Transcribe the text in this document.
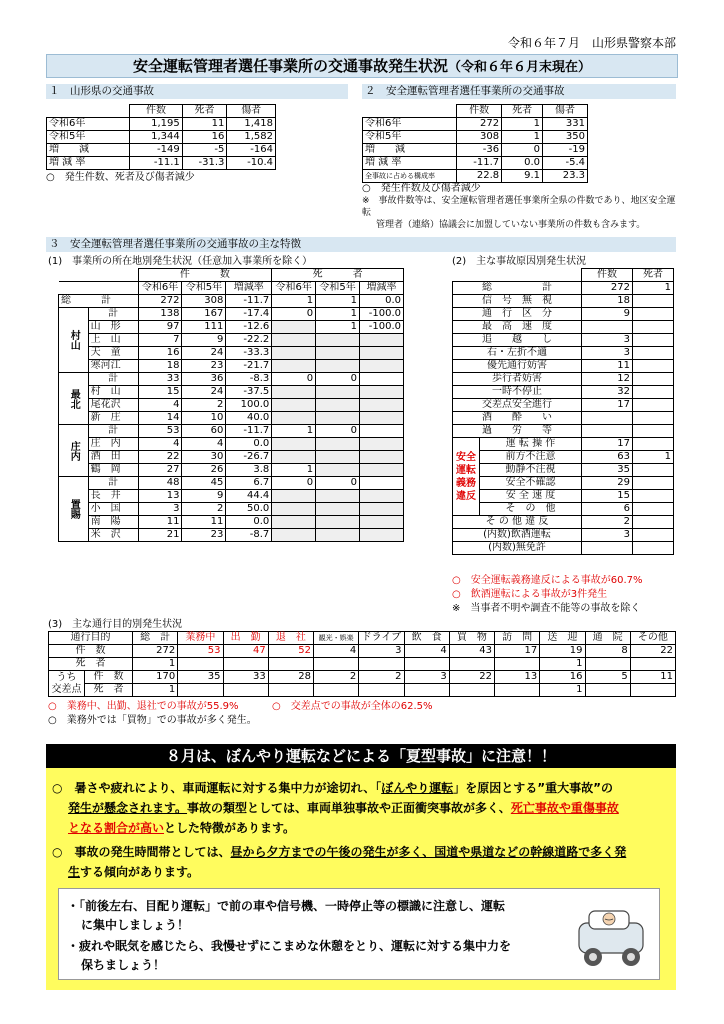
令和６年７月　山形県警察本部
安全運転管理者選任事業所の交通事故発生状況（令和６年６月末現在）
１　山形県の交通事故
	件数	死者	傷者
令和6年	1,195	11	1,418
令和5年	1,344	16	1,582
増　　減	-149	-5	-164
増 減 率	-11.1	-31.3	-10.4
○　発生件数、死者及び傷者減少
２　安全運転管理者選任事業所の交通事故
	件数	死者	傷者
令和6年	272	1	331
令和5年	308	1	350
増　　減	-36	0	-19
増 減 率	-11.7	0.0	-5.4
全事故に占める構成率	22.8	9.1	23.3
○　発生件数及び傷者減少
※　事故件数等は、安全運転管理者選任事業所全県の件数であり、地区安全運転
管理者（連絡）協議会に加盟していない事業所の件数も含みます。
３　安全運転管理者選任事業所の交通事故の主な特徴
(1)　事業所の所在地別発生状況（任意加入事業所を除く）
		件　　　数			死　　　者		
		令和6年	令和5年	増減率	令和6年	令和5年	増減率
総　　　計		272	308	-11.7	1	1	0.0
村山	計	138	167	-17.4	0	1	-100.0
	山　形	97	111	-12.6		1	-100.0
	上　山	7	9	-22.2			
	天　童	16	24	-33.3			
	寒河江	18	23	-21.7			
最北	計	33	36	-8.3	0	0	
	村　山	15	24	-37.5			
	尾花沢	4	2	100.0			
	新　庄	14	10	40.0			
庄内	計	53	60	-11.7	1	0	
	庄　内	4	4	0.0			
	酒　田	22	30	-26.7			
	鶴　岡	27	26	3.8	1		
置賜	計	48	45	6.7	0	0	
	長　井	13	9	44.4			
	小　国	3	2	50.0			
	南　陽	11	11	0.0			
	米　沢	21	23	-8.7			
(2)　主な事故原因別発生状況
		件数	死者
総　　　　　計		272	1
信　号　無　視		18	
通　行　区　分		9	
最　高　速　度			
追　　越　　し		3	
右・左折不適		3	
優先通行妨害		11	
歩行者妨害		12	
一時不停止		32	
交差点安全進行		17	
酒　　酔　　い			
過　　労　　等			
安全運転義務違反	運 転 操 作	17	
	前方不注意	63	1
	動静不注視	35	
	安全不確認	29	
	安 全 速 度	15	
	そ　の　他	6	
そ の 他 違 反		2	
(内数)飲酒運転		3	
(内数)無免許			
○　安全運転義務違反による事故が60.7%
○　飲酒運転による事故が3件発生
※　当事者不明や調査不能等の事故を除く
(3)　主な通行目的別発生状況
通行目的		総　計	業務中	出　勤	退　社	観光・娯楽	ドライブ	飲　食	買　物	訪　問	送　迎	通　院	その他
件　数		272	53	47	52	4	3	4	43	17	19	8	22
死　者		1									1		

うち
交差点	件　数	170	35	33	28	2	2	3	22	13	16	5	11
	死　者	1									1		
○　業務中、出勤、退社での事故が55.9%	○　交差点での事故が全体の62.5%
○　業務外では「買物」での事故が多く発生。
８月は、ぼんやり運転などによる「夏型事故」に注意！！
○　暑さや疲れにより、車両運転に対する集中力が途切れ、「ぼんやり運転」を原因とする”重大事故”の
発生が懸念されます。事故の類型としては、車両単独事故や正面衝突事故が多く、死亡事故や重傷事故
となる割合が高いとした特徴があります。
○　事故の発生時間帯としては、昼から夕方までの午後の発生が多く、国道や県道などの幹線道路で多く発
生する傾向があります。
・「前後左右、目配り運転」で前の車や信号機、一時停止等の標識に注意し、運転
に集中しましょう！
・疲れや眠気を感じたら、我慢せずにこまめな休憩をとり、運転に対する集中力を
保ちましょう！
